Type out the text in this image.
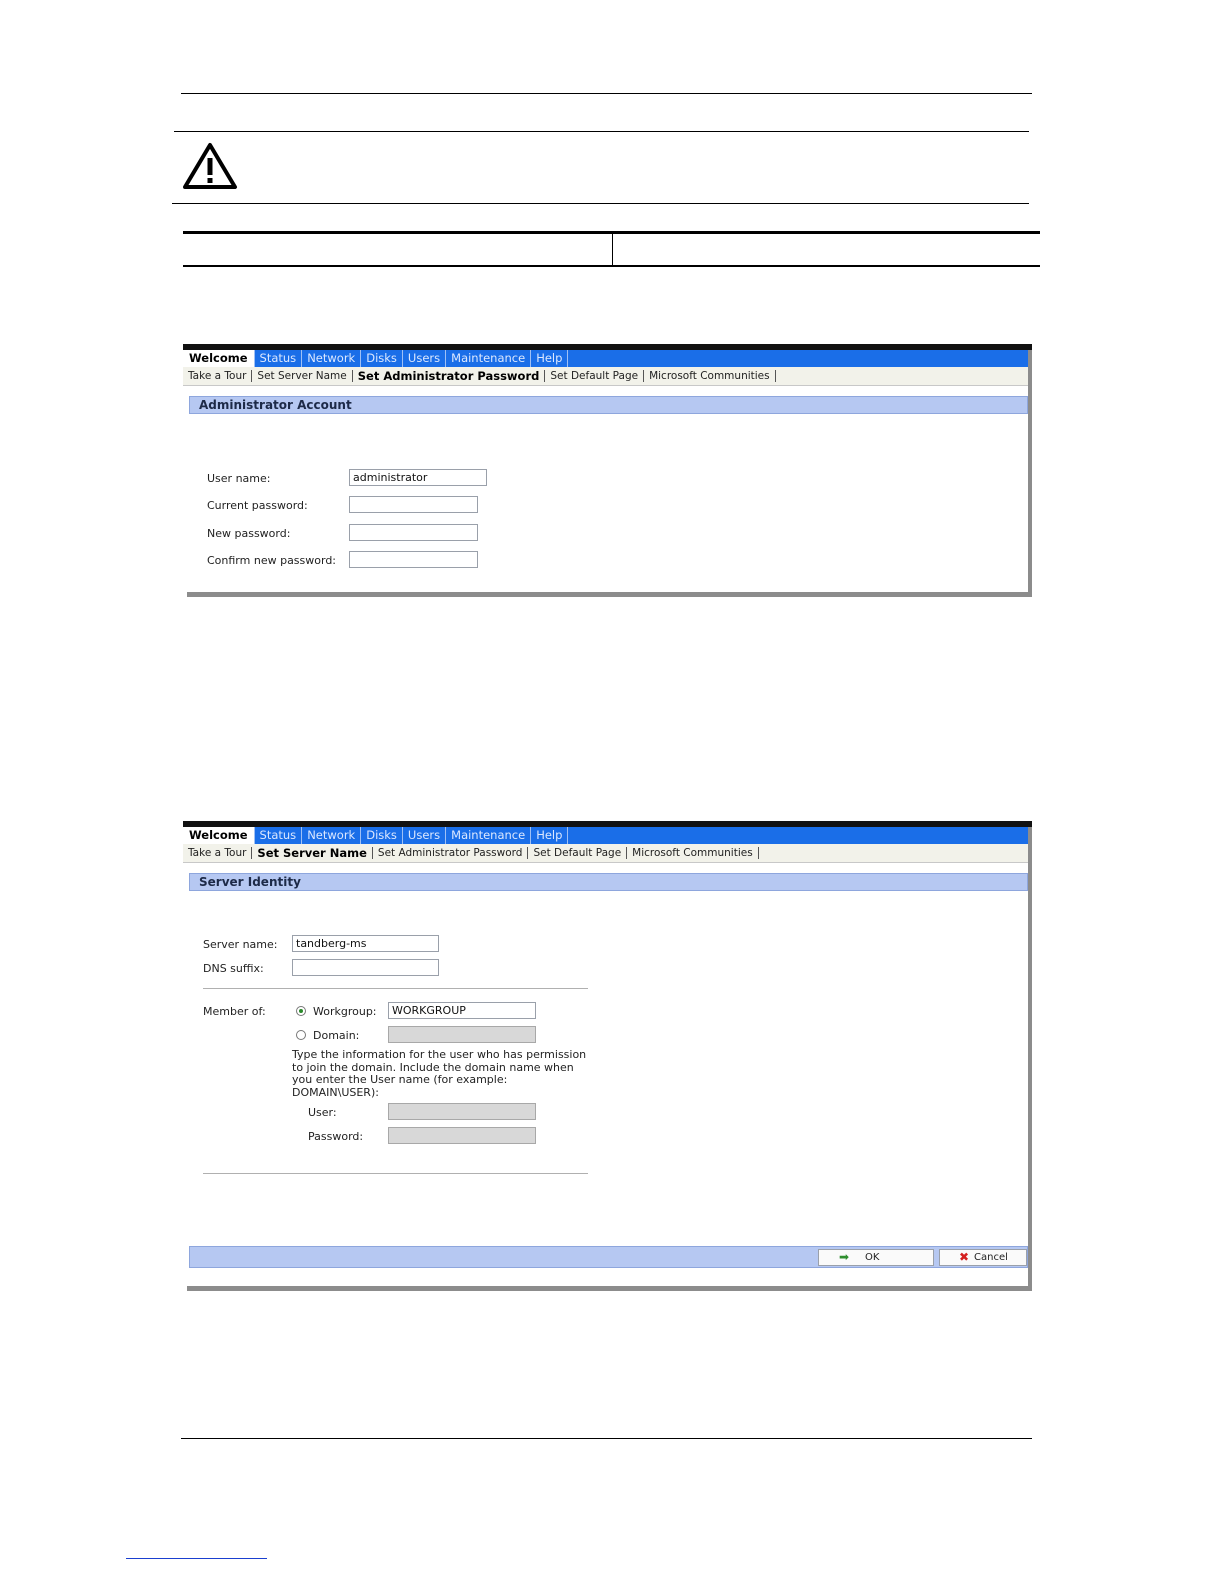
Welcome Status Network Disks Users Maintenance Help
Take a Tour Set Server Name Set Administrator Password Set Default Page Microsoft Communities
Administrator Account
User name:	administrator
Current password:
New password:
Confirm new password:
Welcome Status Network Disks Users Maintenance Help
Take a Tour Set Server Name Set Administrator Password Set Default Page Microsoft Communities
Server Identity
Server name:	tandberg-ms
DNS suffix:
Member of:	Workgroup:	WORKGROUP
Domain:
Type the information for the user who has permission to join the domain. Include the domain name when you enter the User name (for example: DOMAIN\USER):
User:
Password:
➡ OK	✖ Cancel
